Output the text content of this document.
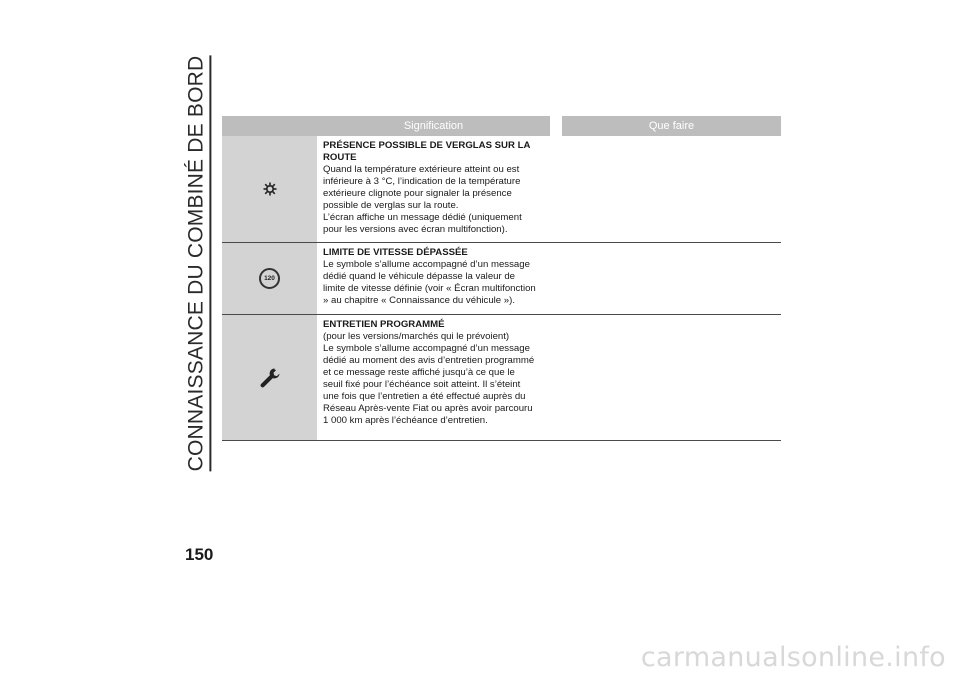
CONNAISSANCE DU COMBINÉ DE BORD	Signification	Que faire
PRÉSENCE POSSIBLE DE VERGLAS SUR LA ROUTE
Quand la température extérieure atteint ou est
inférieure à 3 °C, l’indication de la température
extérieure clignote pour signaler la présence
possible de verglas sur la route.
L’écran affiche un message dédié (uniquement
pour les versions avec écran multifonction).
120
LIMITE DE VITESSE DÉPASSÉE
Le symbole s’allume accompagné d’un message
dédié quand le véhicule dépasse la valeur de
limite de vitesse définie (voir « Écran multifonction
» au chapitre « Connaissance du véhicule »).
ENTRETIEN PROGRAMMÉ
(pour les versions/marchés qui le prévoient)
Le symbole s’allume accompagné d’un message
dédié au moment des avis d’entretien programmé
et ce message reste affiché jusqu’à ce que le
seuil fixé pour l’échéance soit atteint. Il s’éteint
une fois que l’entretien a été effectué auprès du
Réseau Après-vente Fiat ou après avoir parcouru
1 000 km après l’échéance d’entretien.
150
carmanualsonline.info
